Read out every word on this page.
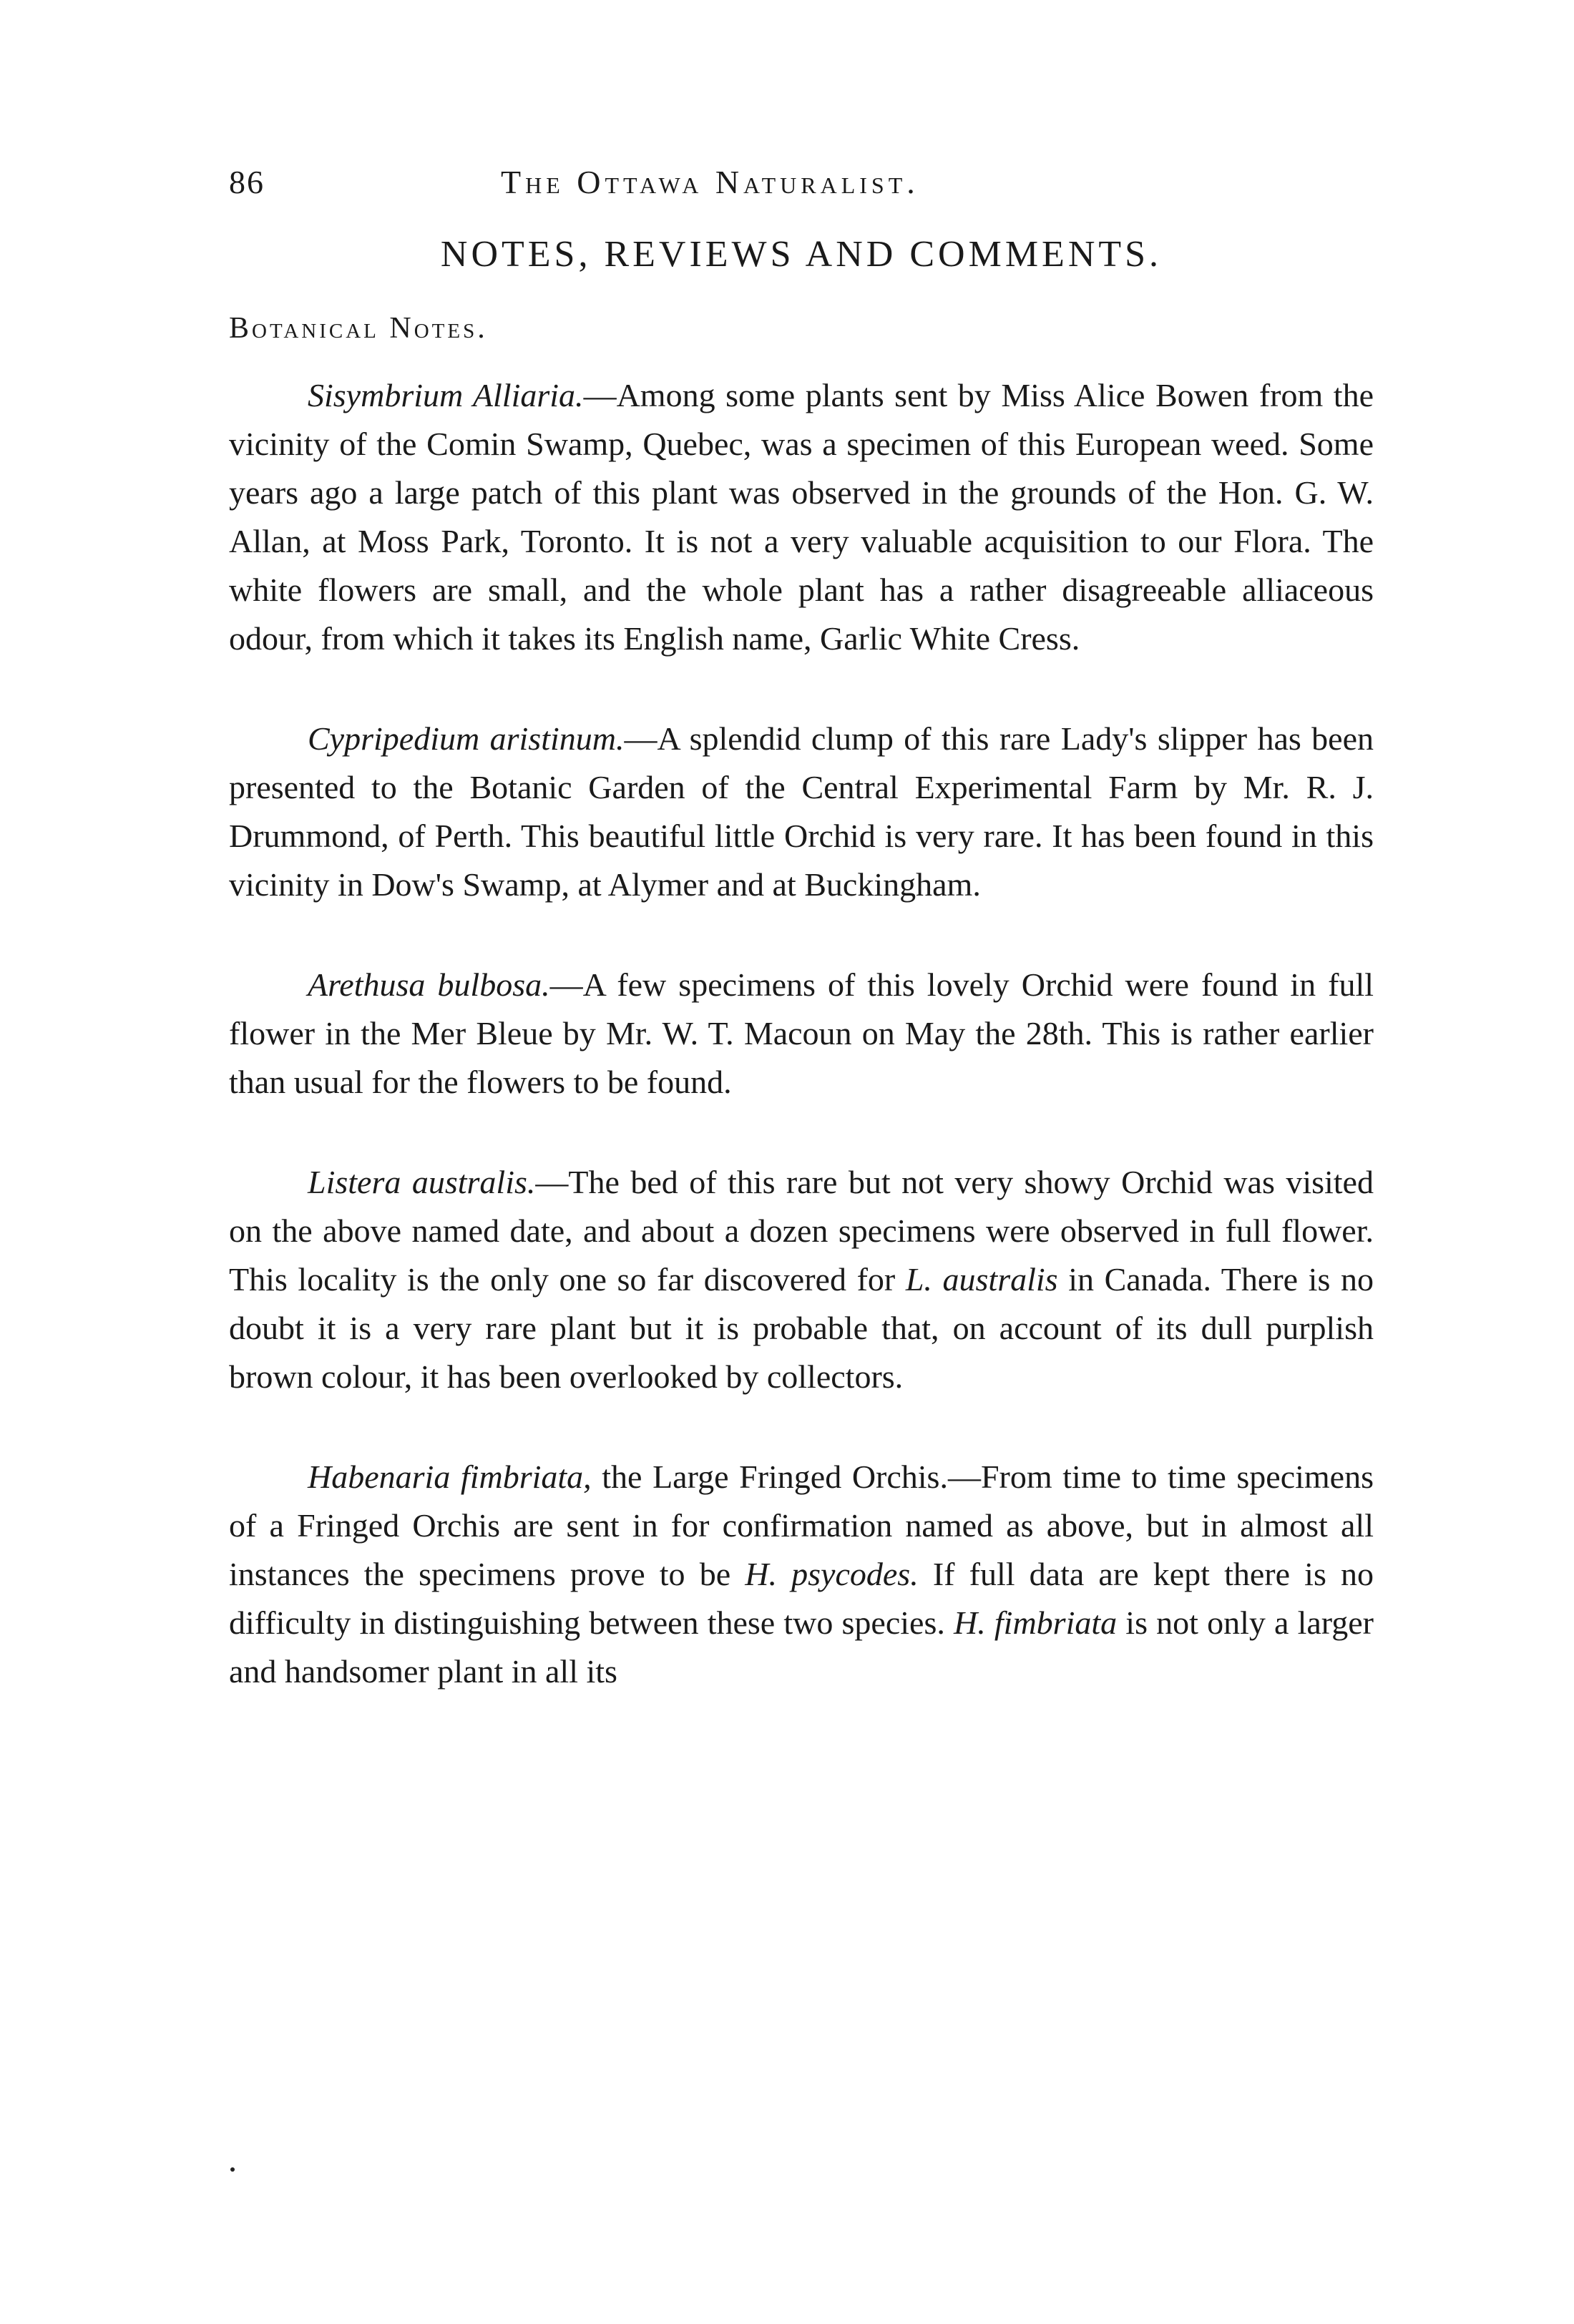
86	The Ottawa Naturalist.
NOTES, REVIEWS AND COMMENTS.
Botanical Notes.

Sisymbrium Alliaria.—Among some plants sent by Miss Alice Bowen from the vicinity of the Comin Swamp, Quebec, was a specimen of this European weed. Some years ago a large patch of this plant was observed in the grounds of the Hon. G. W. Allan, at Moss Park, Toronto. It is not a very valuable acquisition to our Flora. The white flowers are small, and the whole plant has a rather disagreeable alliaceous odour, from which it takes its English name, Garlic White Cress.

Cypripedium aristinum.—A splendid clump of this rare Lady's slipper has been presented to the Botanic Garden of the Central Experimental Farm by Mr. R. J. Drummond, of Perth. This beautiful little Orchid is very rare. It has been found in this vicinity in Dow's Swamp, at Alymer and at Buckingham.

Arethusa bulbosa.—A few specimens of this lovely Orchid were found in full flower in the Mer Bleue by Mr. W. T. Macoun on May the 28th. This is rather earlier than usual for the flowers to be found.

Listera australis.—The bed of this rare but not very showy Orchid was visited on the above named date, and about a dozen specimens were observed in full flower. This locality is the only one so far discovered for L. australis in Canada. There is no doubt it is a very rare plant but it is probable that, on account of its dull purplish brown colour, it has been overlooked by collectors.

Habenaria fimbriata, the Large Fringed Orchis.—From time to time specimens of a Fringed Orchis are sent in for confirmation named as above, but in almost all instances the specimens prove to be H. psycodes. If full data are kept there is no difficulty in distinguishing between these two species. H. fimbriata is not only a larger and handsomer plant in all its
